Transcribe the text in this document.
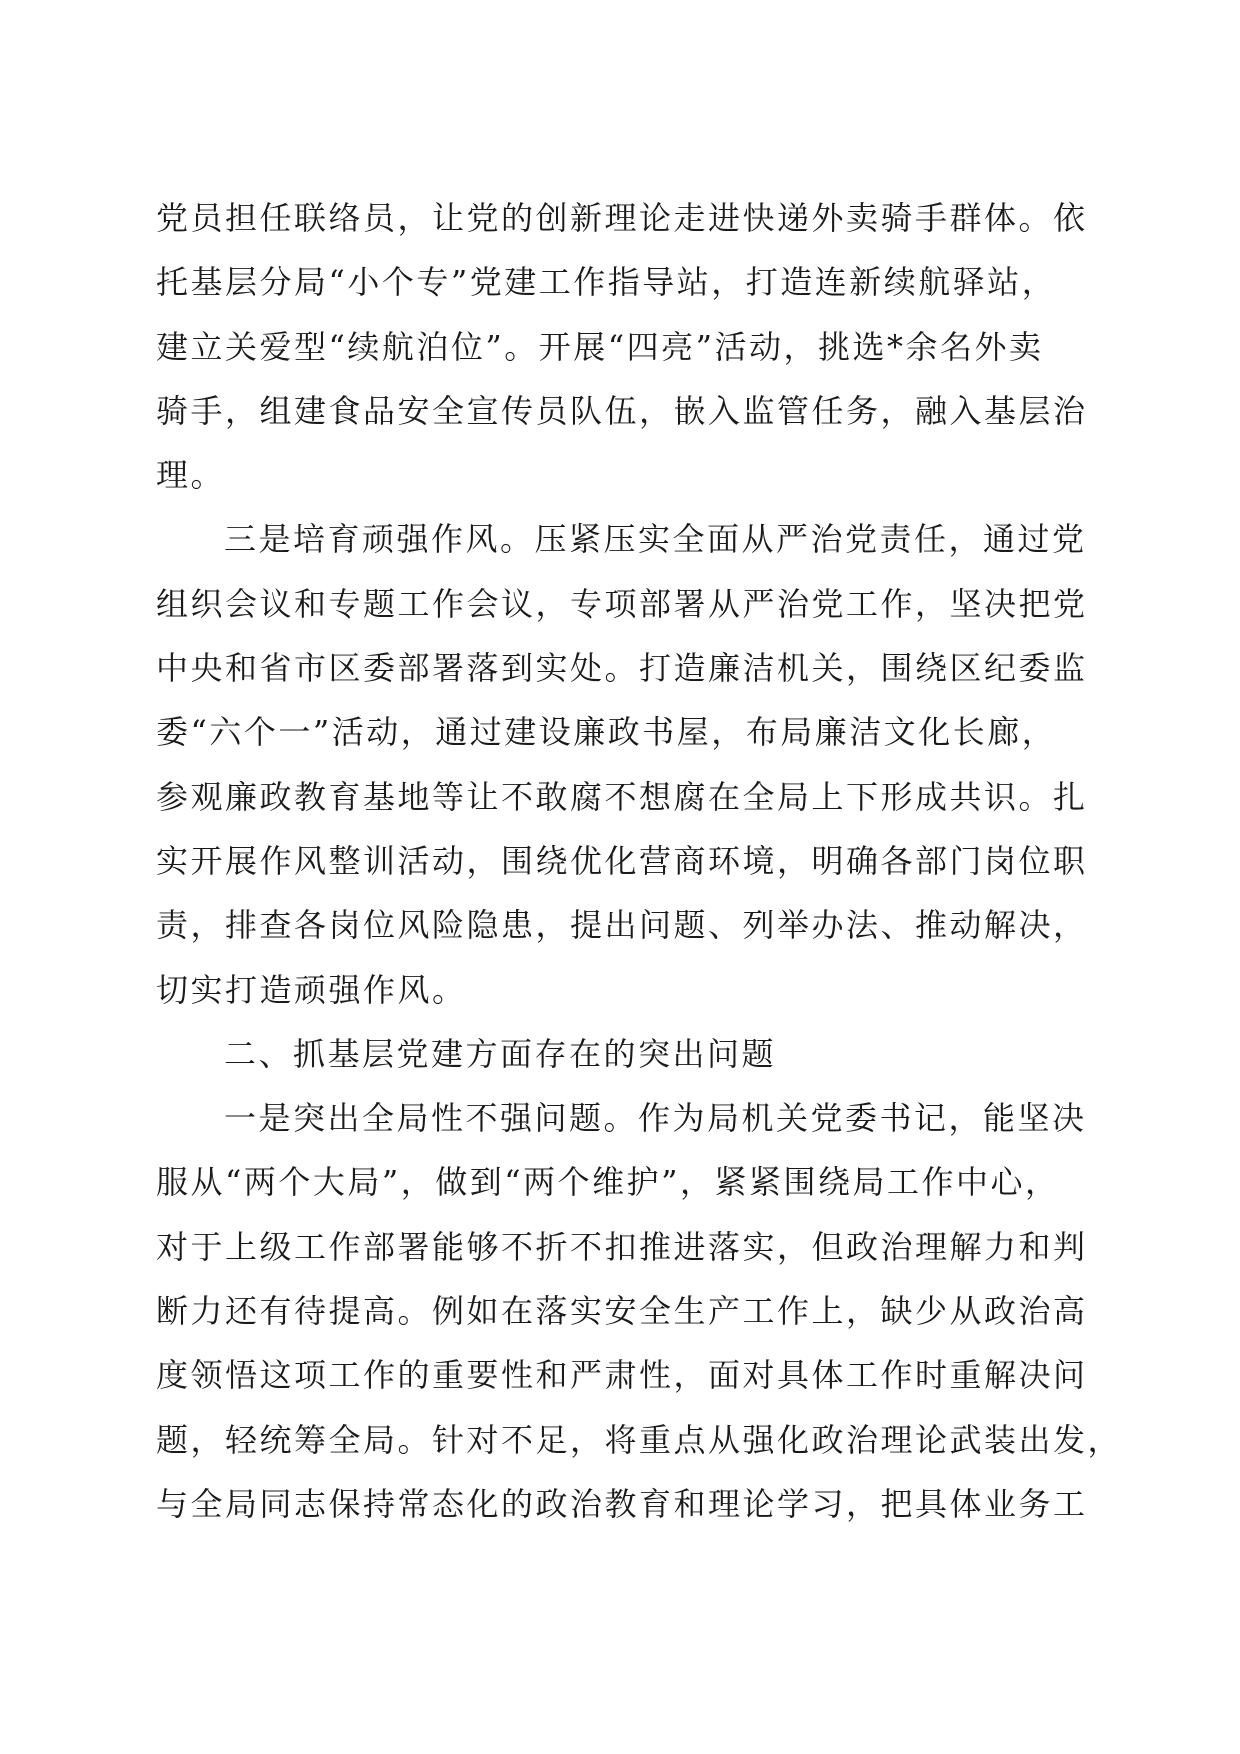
党员担任联络员，让党的创新理论走进快递外卖骑手群体。依
托基层分局“小个专”党建工作指导站，打造连新续航驿站，
建立关爱型“续航泊位”。开展“四亮”活动，挑选*余名外卖
骑手，组建食品安全宣传员队伍，嵌入监管任务，融入基层治
理。
三是培育顽强作风。压紧压实全面从严治党责任，通过党
组织会议和专题工作会议，专项部署从严治党工作，坚决把党
中央和省市区委部署落到实处。打造廉洁机关，围绕区纪委监
委“六个一”活动，通过建设廉政书屋，布局廉洁文化长廊，
参观廉政教育基地等让不敢腐不想腐在全局上下形成共识。扎
实开展作风整训活动，围绕优化营商环境，明确各部门岗位职
责，排查各岗位风险隐患，提出问题、列举办法、推动解决，
切实打造顽强作风。
二、抓基层党建方面存在的突出问题
一是突出全局性不强问题。作为局机关党委书记，能坚决
服从“两个大局”，做到“两个维护”，紧紧围绕局工作中心，
对于上级工作部署能够不折不扣推进落实，但政治理解力和判
断力还有待提高。例如在落实安全生产工作上，缺少从政治高
度领悟这项工作的重要性和严肃性，面对具体工作时重解决问
题，轻统筹全局。针对不足，将重点从强化政治理论武装出发，
与全局同志保持常态化的政治教育和理论学习，把具体业务工
